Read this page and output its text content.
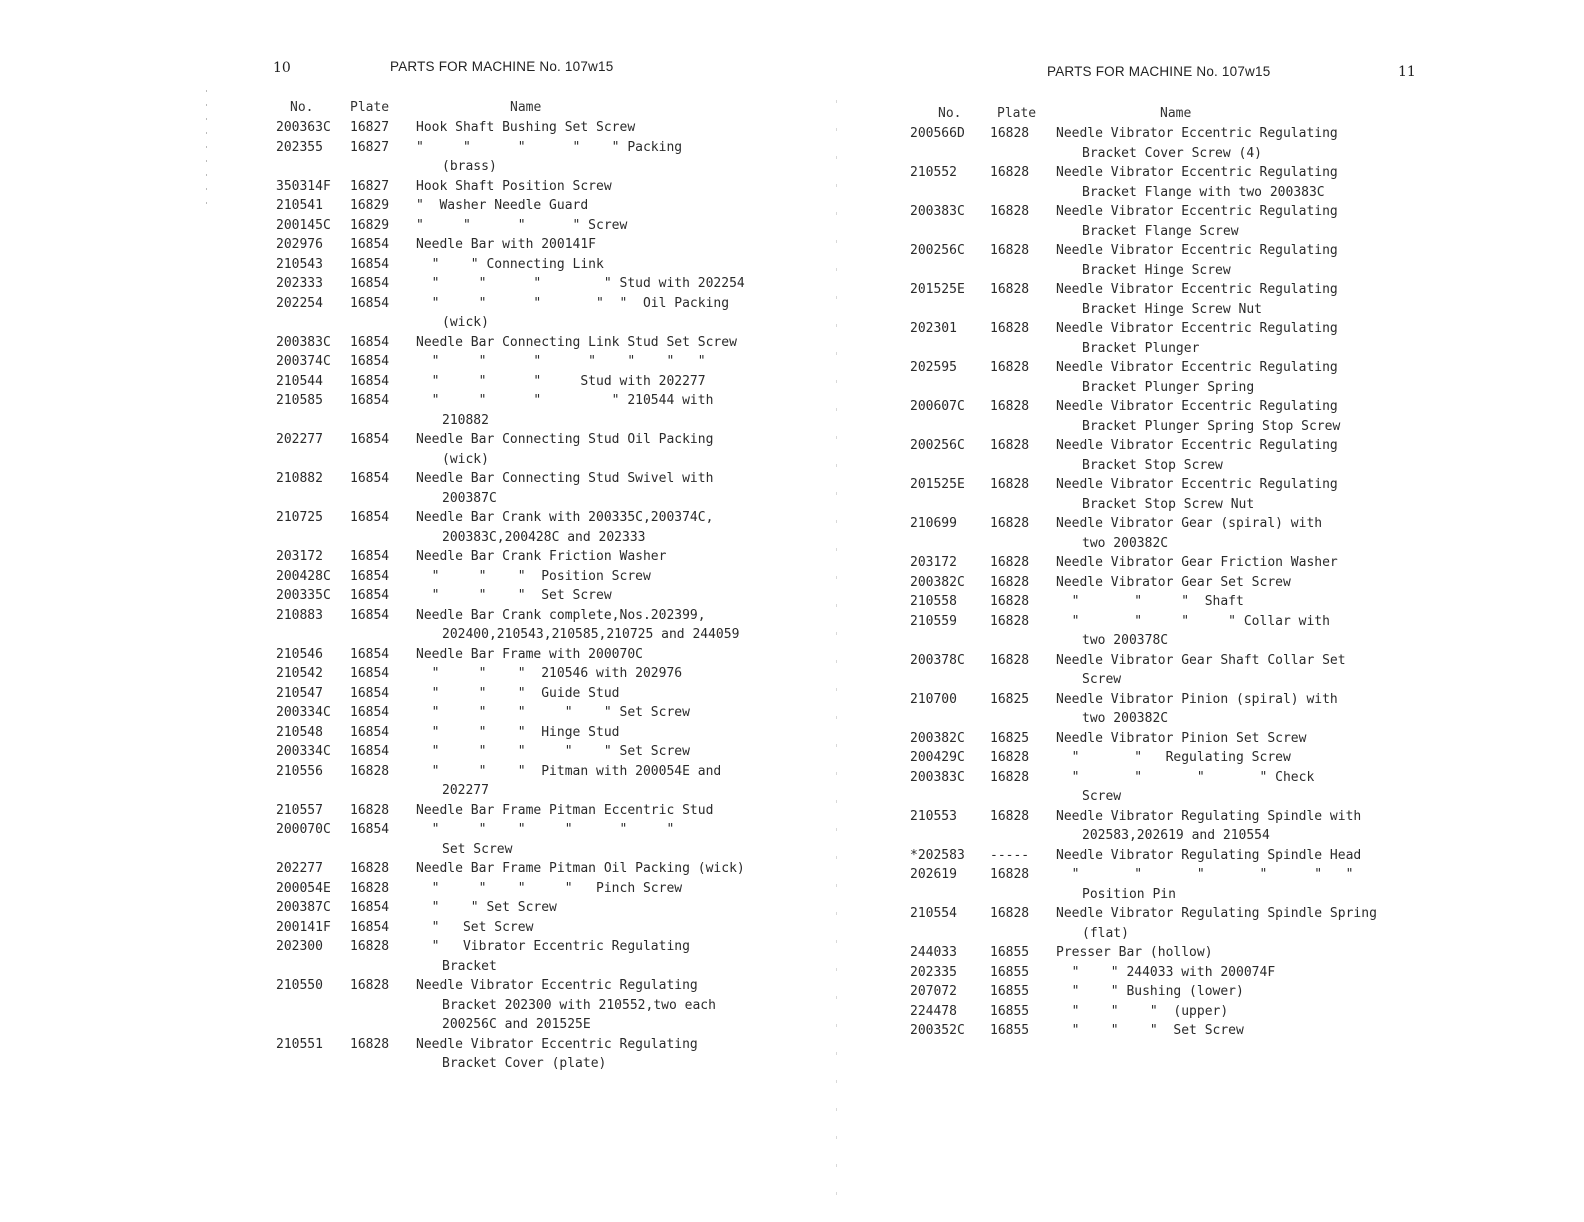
10	PARTS FOR MACHINE No. 107w15
No.	Plate	Name
200363C	16827	Hook Shaft Bushing Set Screw
202355	16827	"     "      "      "    " Packing
(brass)
350314F	16827	Hook Shaft Position Screw
210541	16829	"  Washer Needle Guard
200145C	16829	"     "      "      " Screw
202976	16854	Needle Bar with 200141F
210543	16854	"    " Connecting Link
202333	16854	"     "      "        " Stud with 202254
202254	16854	"     "      "       "  "  Oil Packing
(wick)
200383C	16854	Needle Bar Connecting Link Stud Set Screw
200374C	16854	"     "      "      "    "    "   "
210544	16854	"     "      "     Stud with 202277
210585	16854	"     "      "         " 210544 with
210882
202277	16854	Needle Bar Connecting Stud Oil Packing
(wick)
210882	16854	Needle Bar Connecting Stud Swivel with
200387C
210725	16854	Needle Bar Crank with 200335C,200374C,
200383C,200428C and 202333
203172	16854	Needle Bar Crank Friction Washer
200428C	16854	"     "    "  Position Screw
200335C	16854	"     "    "  Set Screw
210883	16854	Needle Bar Crank complete,Nos.202399,
202400,210543,210585,210725 and 244059
210546	16854	Needle Bar Frame with 200070C
210542	16854	"     "    "  210546 with 202976
210547	16854	"     "    "  Guide Stud
200334C	16854	"     "    "     "    " Set Screw
210548	16854	"     "    "  Hinge Stud
200334C	16854	"     "    "     "    " Set Screw
210556	16828	"     "    "  Pitman with 200054E and
202277
210557	16828	Needle Bar Frame Pitman Eccentric Stud
200070C	16854	"     "    "     "      "     "
Set Screw
202277	16828	Needle Bar Frame Pitman Oil Packing (wick)
200054E	16828	"     "    "     "   Pinch Screw
200387C	16854	"    " Set Screw
200141F	16854	"   Set Screw
202300	16828	"   Vibrator Eccentric Regulating
Bracket
210550	16828	Needle Vibrator Eccentric Regulating
Bracket 202300 with 210552,two each
200256C and 201525E
210551	16828	Needle Vibrator Eccentric Regulating
Bracket Cover (plate)
PARTS FOR MACHINE No. 107w15	11
No.	Plate	Name
200566D	16828	Needle Vibrator Eccentric Regulating
Bracket Cover Screw (4)
210552	16828	Needle Vibrator Eccentric Regulating
Bracket Flange with two 200383C
200383C	16828	Needle Vibrator Eccentric Regulating
Bracket Flange Screw
200256C	16828	Needle Vibrator Eccentric Regulating
Bracket Hinge Screw
201525E	16828	Needle Vibrator Eccentric Regulating
Bracket Hinge Screw Nut
202301	16828	Needle Vibrator Eccentric Regulating
Bracket Plunger
202595	16828	Needle Vibrator Eccentric Regulating
Bracket Plunger Spring
200607C	16828	Needle Vibrator Eccentric Regulating
Bracket Plunger Spring Stop Screw
200256C	16828	Needle Vibrator Eccentric Regulating
Bracket Stop Screw
201525E	16828	Needle Vibrator Eccentric Regulating
Bracket Stop Screw Nut
210699	16828	Needle Vibrator Gear (spiral) with
two 200382C
203172	16828	Needle Vibrator Gear Friction Washer
200382C	16828	Needle Vibrator Gear Set Screw
210558	16828	"       "     "  Shaft
210559	16828	"       "     "     " Collar with
two 200378C
200378C	16828	Needle Vibrator Gear Shaft Collar Set
Screw
210700	16825	Needle Vibrator Pinion (spiral) with
two 200382C
200382C	16825	Needle Vibrator Pinion Set Screw
200429C	16828	"       "   Regulating Screw
200383C	16828	"       "       "       " Check
Screw
210553	16828	Needle Vibrator Regulating Spindle with
202583,202619 and 210554
*202583	-----	Needle Vibrator Regulating Spindle Head
202619	16828	"       "       "       "      "   "
Position Pin
210554	16828	Needle Vibrator Regulating Spindle Spring
(flat)
244033	16855	Presser Bar (hollow)
202335	16855	"    " 244033 with 200074F
207072	16855	"    " Bushing (lower)
224478	16855	"    "    "  (upper)
200352C	16855	"    "    "  Set Screw
